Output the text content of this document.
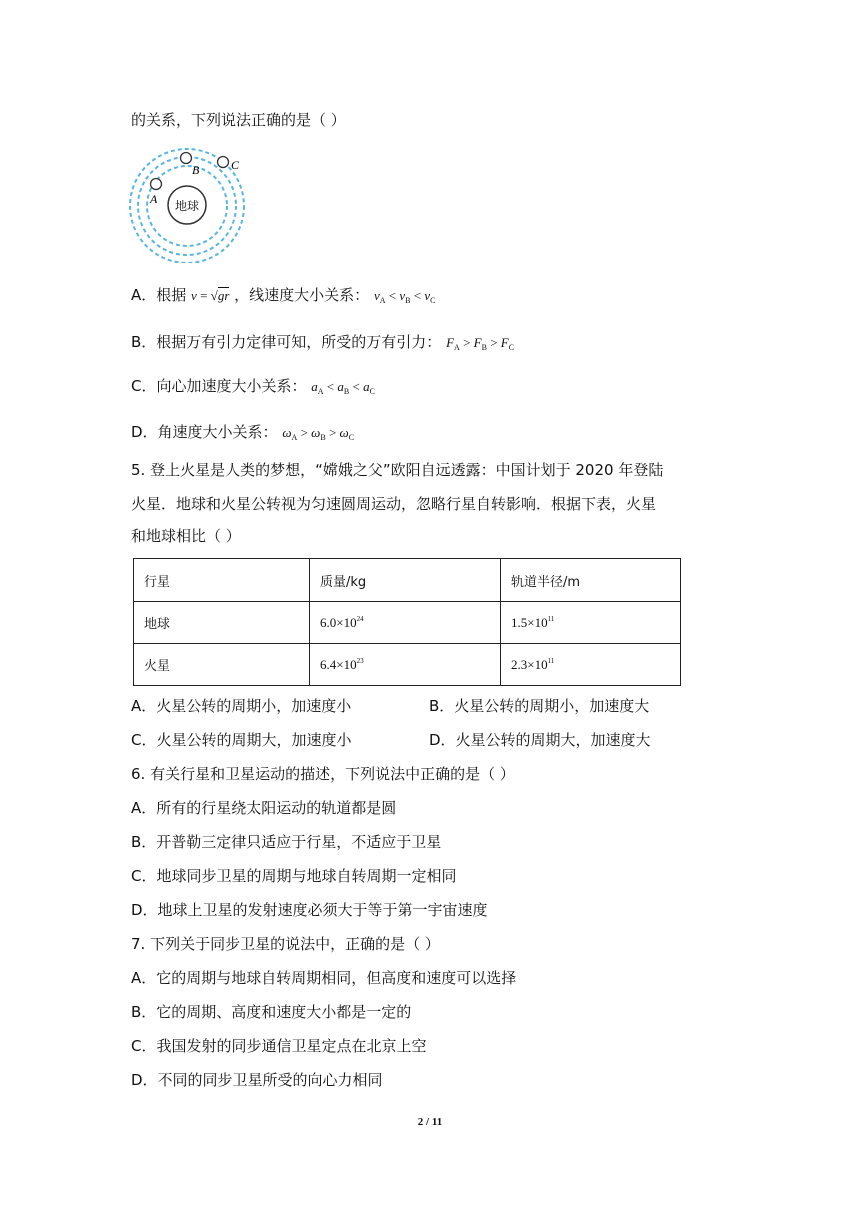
的关系，下列说法正确的是（ ）
地球
A
B	C
A．根据 v = √gr ，线速度大小关系： $v_A < v_B < v_C$
B．根据万有引力定律可知，所受的万有引力： $F_A > F_B > F_C$
C．向心加速度大小关系： $a_A < a_B < a_C$
D．角速度大小关系： $\omega_A > \omega_B > \omega_C$
5. 登上火星是人类的梦想，“嫦娥之父”欧阳自远透露：中国计划于 2020 年登陆
火星．地球和火星公转视为匀速圆周运动，忽略行星自转影响．根据下表，火星
和地球相比（ ）
行星	质量/kg	轨道半径/m
地球	$6.0\times 10^{24}$	$1.5\times 10^{11}$
火星	$6.4\times 10^{23}$	$2.3\times 10^{11}$
A．火星公转的周期小，加速度小	B．火星公转的周期小，加速度大
C．火星公转的周期大，加速度小	D．火星公转的周期大，加速度大
6. 有关行星和卫星运动的描述，下列说法中正确的是（ ）
A．所有的行星绕太阳运动的轨道都是圆
B．开普勒三定律只适应于行星，不适应于卫星
C．地球同步卫星的周期与地球自转周期一定相同
D．地球上卫星的发射速度必须大于等于第一宇宙速度
7. 下列关于同步卫星的说法中，正确的是（ ）
A．它的周期与地球自转周期相同，但高度和速度可以选择
B．它的周期、高度和速度大小都是一定的
C．我国发射的同步通信卫星定点在北京上空
D．不同的同步卫星所受的向心力相同
2 / 11
